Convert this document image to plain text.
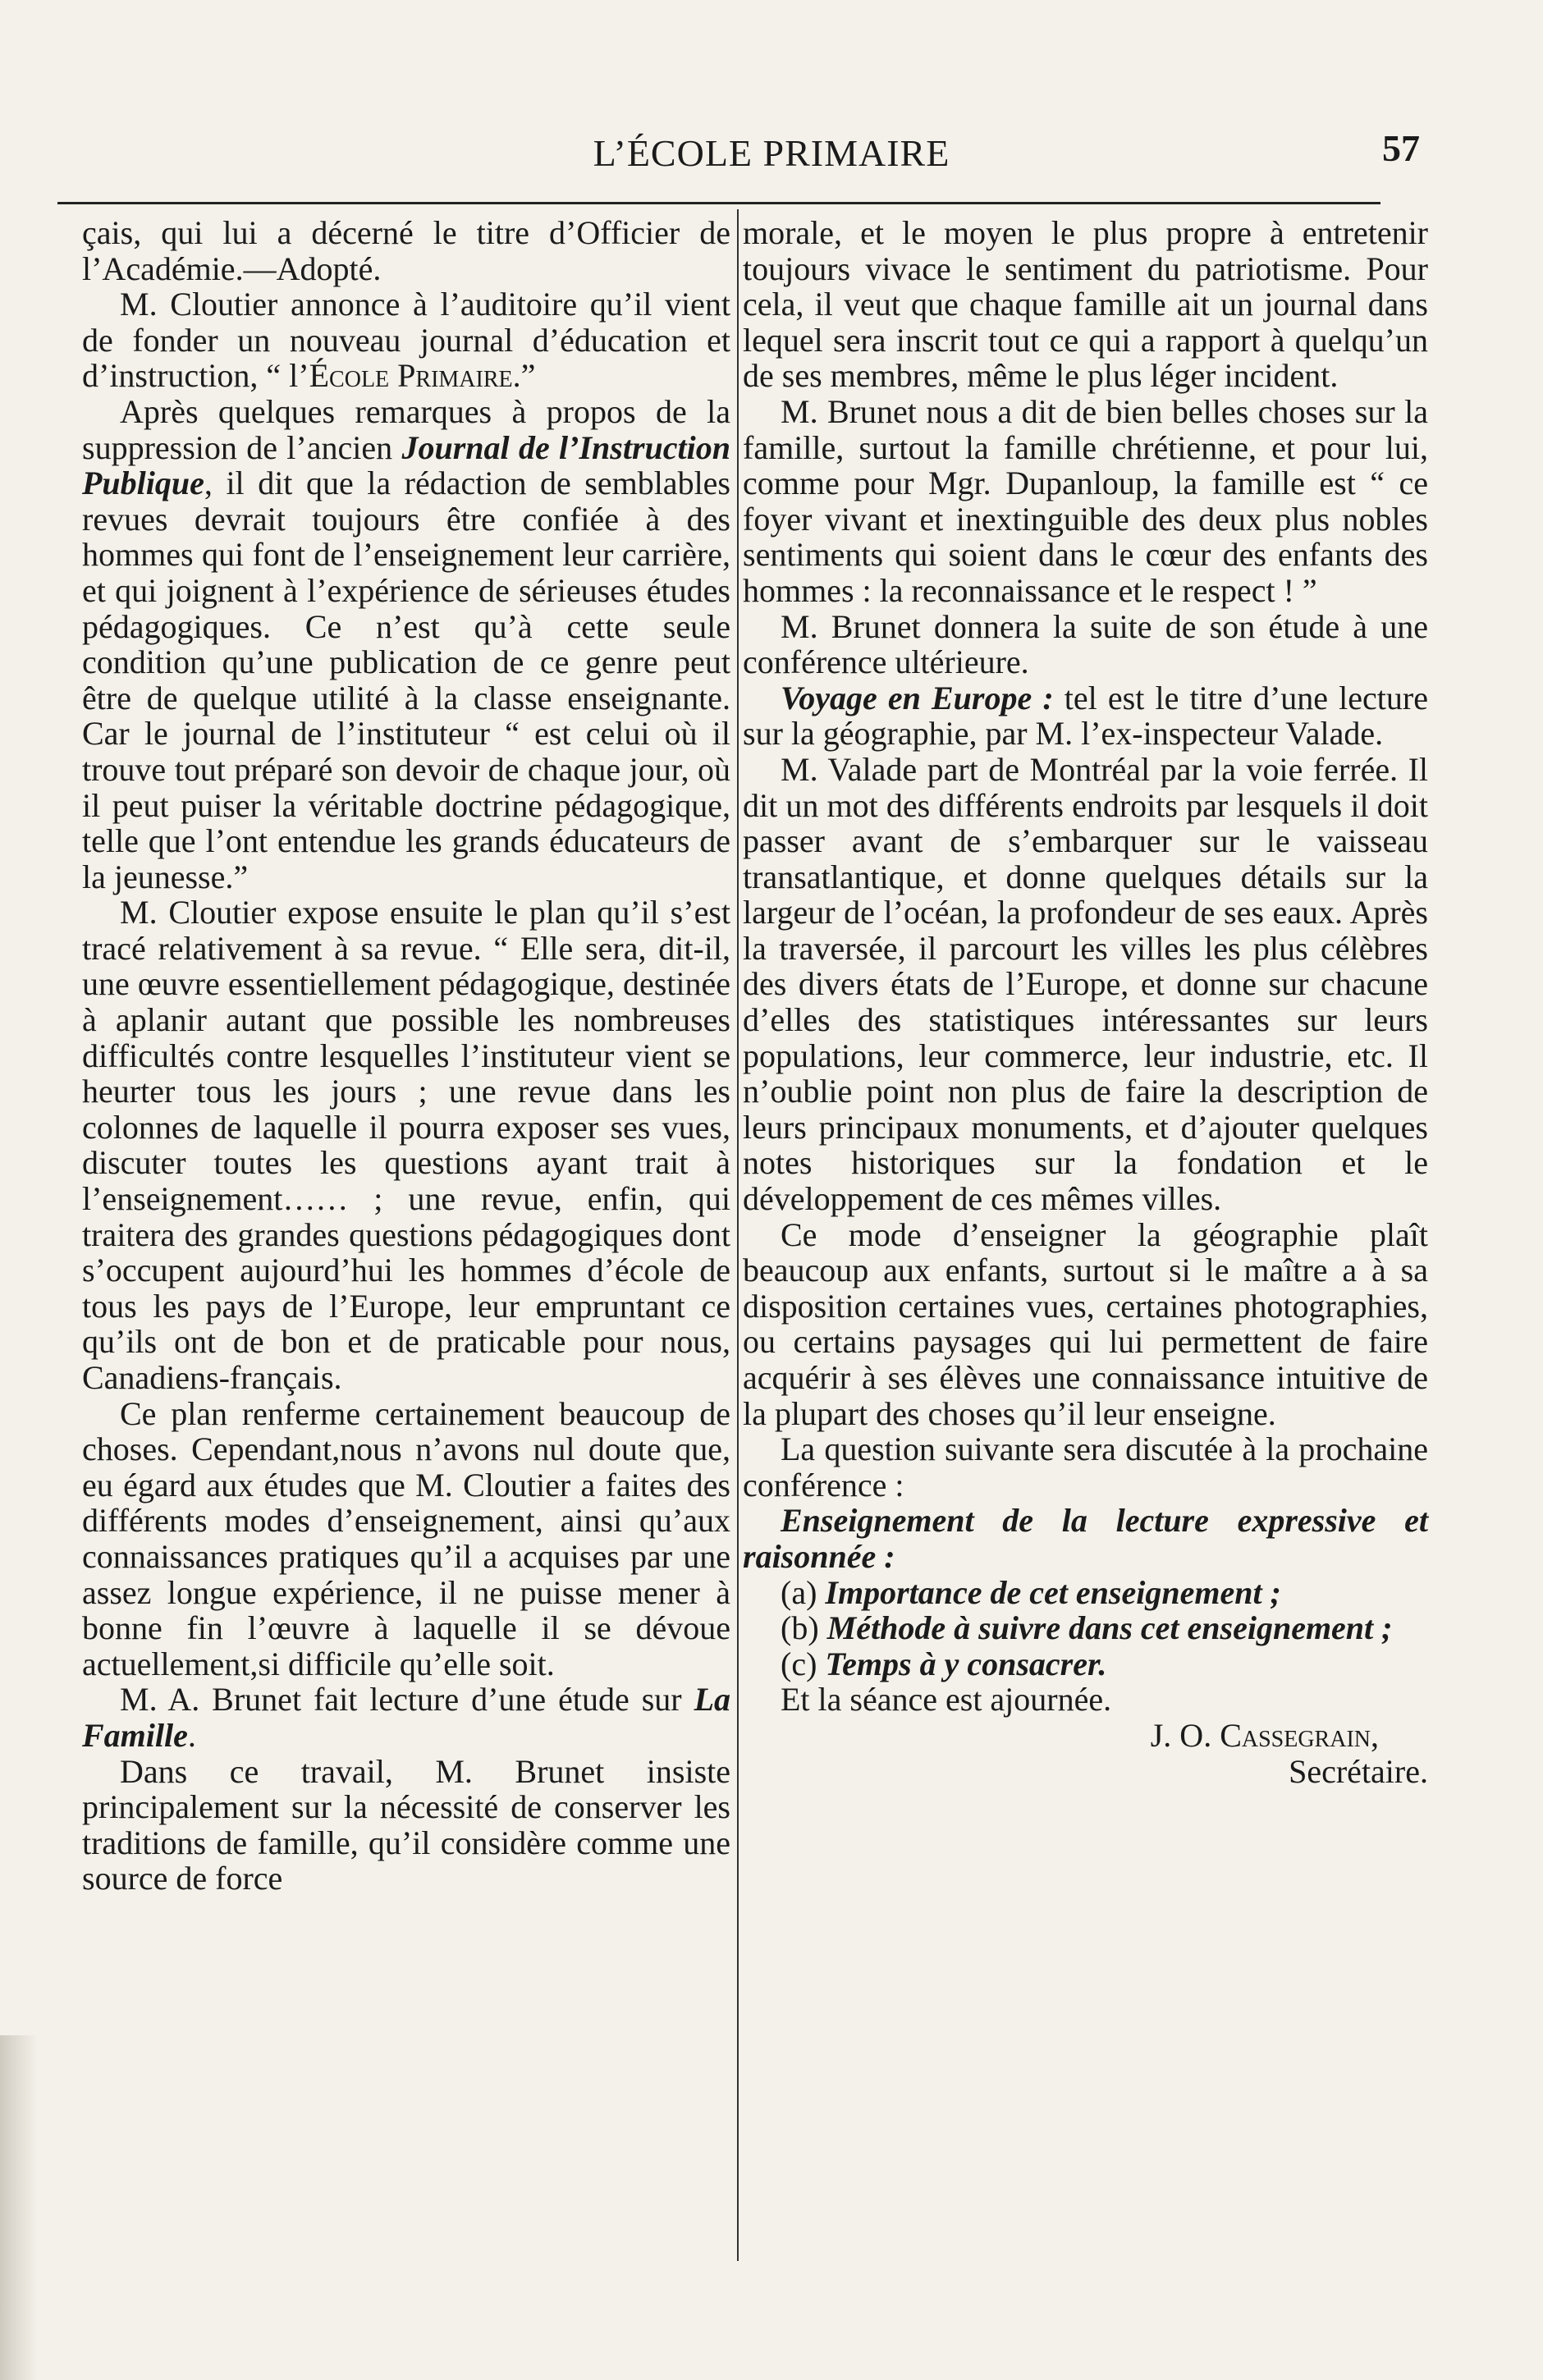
L’ÉCOLE PRIMAIRE	57

çais, qui lui a décerné le titre d’Officier de l’Académie.—Adopté.

M. Cloutier annonce à l’auditoire qu’il vient de fonder un nouveau journal d’éducation et d’instruction, “ l’École Primaire.”

Après quelques remarques à propos de la suppression de l’ancien Journal de l’Instruction Publique, il dit que la rédaction de semblables revues devrait toujours être confiée à des hommes qui font de l’enseignement leur carrière, et qui joignent à l’expérience de sérieuses études pédagogiques. Ce n’est qu’à cette seule condition qu’une publication de ce genre peut être de quelque utilité à la classe enseignante. Car le journal de l’instituteur “ est celui où il trouve tout préparé son devoir de chaque jour, où il peut puiser la véritable doctrine pédagogique, telle que l’ont entendue les grands éducateurs de la jeunesse.”

M. Cloutier expose ensuite le plan qu’il s’est tracé relativement à sa revue. “ Elle sera, dit-il, une œuvre essentiellement pédagogique, destinée à aplanir autant que possible les nombreuses difficultés contre lesquelles l’instituteur vient se heurter tous les jours ; une revue dans les colonnes de laquelle il pourra exposer ses vues, discuter toutes les questions ayant trait à l’enseignement…… ; une revue, enfin, qui traitera des grandes questions pédagogiques dont s’occupent aujourd’hui les hommes d’école de tous les pays de l’Europe, leur empruntant ce qu’ils ont de bon et de praticable pour nous, Canadiens-français.

Ce plan renferme certainement beaucoup de choses. Cependant,nous n’avons nul doute que, eu égard aux études que M. Cloutier a faites des différents modes d’enseignement, ainsi qu’aux connaissances pratiques qu’il a acquises par une assez longue expérience, il ne puisse mener à bonne fin l’œuvre à laquelle il se dévoue actuellement,si difficile qu’elle soit.

M. A. Brunet fait lecture d’une étude sur La Famille.

Dans ce travail, M. Brunet insiste principalement sur la nécessité de conserver les traditions de famille, qu’il considère comme une source de force

morale, et le moyen le plus propre à entretenir toujours vivace le sentiment du patriotisme. Pour cela, il veut que chaque famille ait un journal dans lequel sera inscrit tout ce qui a rapport à quelqu’un de ses membres, même le plus léger incident.

M. Brunet nous a dit de bien belles choses sur la famille, surtout la famille chrétienne, et pour lui, comme pour Mgr. Dupanloup, la famille est “ ce foyer vivant et inextinguible des deux plus nobles sentiments qui soient dans le cœur des enfants des hommes : la reconnaissance et le respect ! ”

M. Brunet donnera la suite de son étude à une conférence ultérieure.

Voyage en Europe : tel est le titre d’une lecture sur la géographie, par M. l’ex-inspecteur Valade.

M. Valade part de Montréal par la voie ferrée. Il dit un mot des différents endroits par lesquels il doit passer avant de s’embarquer sur le vaisseau transatlantique, et donne quelques détails sur la largeur de l’océan, la profondeur de ses eaux. Après la traversée, il parcourt les villes les plus célèbres des divers états de l’Europe, et donne sur chacune d’elles des statistiques intéressantes sur leurs populations, leur commerce, leur industrie, etc. Il n’oublie point non plus de faire la description de leurs principaux monuments, et d’ajouter quelques notes historiques sur la fondation et le développement de ces mêmes villes.

Ce mode d’enseigner la géographie plaît beaucoup aux enfants, surtout si le maître a à sa disposition certaines vues, certaines photographies, ou certains paysages qui lui permettent de faire acquérir à ses élèves une connaissance intuitive de la plupart des choses qu’il leur enseigne.

La question suivante sera discutée à la prochaine conférence :

Enseignement de la lecture expressive et raisonnée :

(a) Importance de cet enseignement ;

(b) Méthode à suivre dans cet enseignement ;

(c) Temps à y consacrer.

Et la séance est ajournée.

J. O. Cassegrain,

Secrétaire.
